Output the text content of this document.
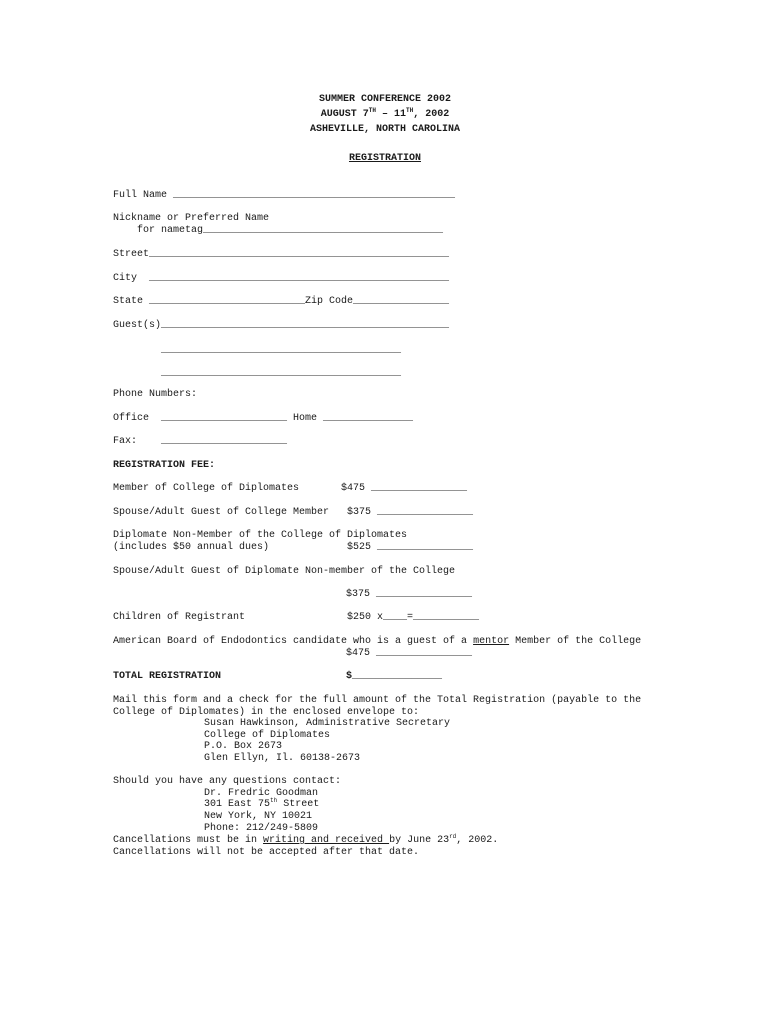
SUMMER CONFERENCE 2002
AUGUST 7TH – 11TH, 2002
ASHEVILLE, NORTH CAROLINA
REGISTRATION
Full Name _______________________________________________
Nickname or Preferred Name
for nametag________________________________________
Street__________________________________________________
City  __________________________________________________
State __________________________Zip Code________________
Guest(s)________________________________________________
________________________________________
________________________________________
Phone Numbers:
Office  _____________________ Home _______________
Fax:    _____________________
REGISTRATION FEE:
Member of College of Diplomates       $475 ________________
Spouse/Adult Guest of College Member   $375 ________________
Diplomate Non-Member of the College of Diplomates
(includes $50 annual dues)             $525 ________________
Spouse/Adult Guest of Diplomate Non-member of the College
$375 ________________
Children of Registrant                 $250 x____=___________
American Board of Endodontics candidate who is a guest of a mentor Member of the College
$475 ________________
TOTAL REGISTRATION	$_______________
Mail this form and a check for the full amount of the Total Registration (payable to the
College of Diplomates) in the enclosed envelope to:
Susan Hawkinson, Administrative Secretary
College of Diplomates
P.O. Box 2673
Glen Ellyn, Il. 60138-2673
Should you have any questions contact:
Dr. Fredric Goodman
301 East 75th Street
New York, NY 10021
Phone: 212/249-5809
Cancellations must be in writing and received by June 23rd, 2002.
Cancellations will not be accepted after that date.
